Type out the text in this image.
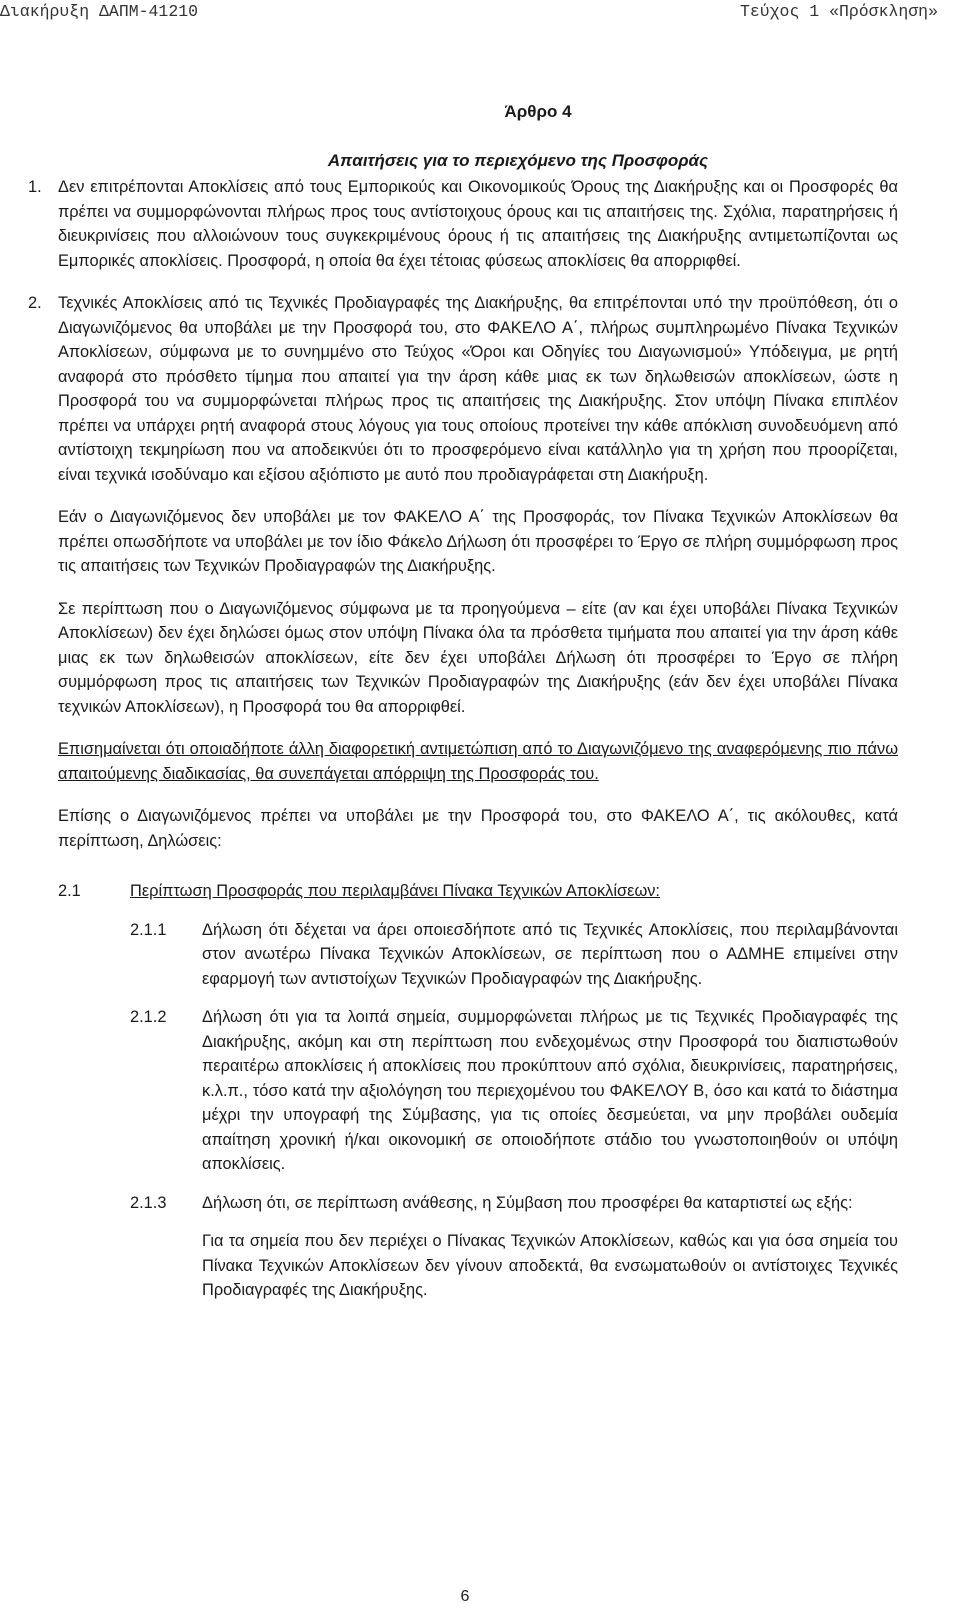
Διακήρυξη ΔΑΠΜ-41210	Τεύχος 1 «Πρόσκληση»
Άρθρο 4
Απαιτήσεις για το περιεχόμενο της Προσφοράς
1. Δεν επιτρέπονται Αποκλίσεις από τους Εμπορικούς και Οικονομικούς Όρους της Διακήρυξης και οι Προσφορές θα πρέπει να συμμορφώνονται πλήρως προς τους αντίστοιχους όρους και τις απαιτήσεις της. Σχόλια, παρατηρήσεις ή διευκρινίσεις που αλλοιώνουν τους συγκεκριμένους όρους ή τις απαιτήσεις της Διακήρυξης αντιμετωπίζονται ως Εμπορικές αποκλίσεις. Προσφορά, η οποία θα έχει τέτοιας φύσεως αποκλίσεις θα απορριφθεί.

2. Τεχνικές Αποκλίσεις από τις Τεχνικές Προδιαγραφές της Διακήρυξης, θα επιτρέπονται υπό την προϋπόθεση, ότι ο Διαγωνιζόμενος θα υποβάλει με την Προσφορά του, στο ΦΑΚΕΛΟ Α΄, πλήρως συμπληρωμένο Πίνακα Τεχνικών Αποκλίσεων, σύμφωνα με το συνημμένο στο Τεύχος «Όροι και Οδηγίες του Διαγωνισμού» Υπόδειγμα, με ρητή αναφορά στο πρόσθετο τίμημα που απαιτεί για την άρση κάθε μιας εκ των δηλωθεισών αποκλίσεων, ώστε η Προσφορά του να συμμορφώνεται πλήρως προς τις απαιτήσεις της Διακήρυξης. Στον υπόψη Πίνακα επιπλέον πρέπει να υπάρχει ρητή αναφορά στους λόγους για τους οποίους προτείνει την κάθε απόκλιση συνοδευόμενη από αντίστοιχη τεκμηρίωση που να αποδεικνύει ότι το προσφερόμενο είναι κατάλληλο για τη χρήση που προορίζεται, είναι τεχνικά ισοδύναμο και εξίσου αξιόπιστο με αυτό που προδιαγράφεται στη Διακήρυξη.

Εάν ο Διαγωνιζόμενος δεν υποβάλει με τον ΦΑΚΕΛΟ Α΄ της Προσφοράς, τον Πίνακα Τεχνικών Αποκλίσεων θα πρέπει οπωσδήποτε να υποβάλει με τον ίδιο Φάκελο Δήλωση ότι προσφέρει το Έργο σε πλήρη συμμόρφωση προς τις απαιτήσεις των Τεχνικών Προδιαγραφών της Διακήρυξης.

Σε περίπτωση που ο Διαγωνιζόμενος σύμφωνα με τα προηγούμενα – είτε (αν και έχει υποβάλει Πίνακα Τεχνικών Αποκλίσεων) δεν έχει δηλώσει όμως στον υπόψη Πίνακα όλα τα πρόσθετα τιμήματα που απαιτεί για την άρση κάθε μιας εκ των δηλωθεισών αποκλίσεων, είτε δεν έχει υποβάλει Δήλωση ότι προσφέρει το Έργο σε πλήρη συμμόρφωση προς τις απαιτήσεις των Τεχνικών Προδιαγραφών της Διακήρυξης (εάν δεν έχει υποβάλει Πίνακα τεχνικών Αποκλίσεων), η Προσφορά του θα απορριφθεί.

Επισημαίνεται ότι οποιαδήποτε άλλη διαφορετική αντιμετώπιση από το Διαγωνιζόμενο της αναφερόμενης πιο πάνω απαιτούμενης διαδικασίας, θα συνεπάγεται απόρριψη της Προσφοράς του.

Επίσης ο Διαγωνιζόμενος πρέπει να υποβάλει με την Προσφορά του, στο ΦΑΚΕΛΟ Α΄, τις ακόλουθες, κατά περίπτωση, Δηλώσεις:

2.1	Περίπτωση Προσφοράς που περιλαμβάνει Πίνακα Τεχνικών Αποκλίσεων:
2.1.1	Δήλωση ότι δέχεται να άρει οποιεσδήποτε από τις Τεχνικές Αποκλίσεις, που περιλαμβάνονται στον ανωτέρω Πίνακα Τεχνικών Αποκλίσεων, σε περίπτωση που ο ΑΔΜΗΕ επιμείνει στην εφαρμογή των αντιστοίχων Τεχνικών Προδιαγραφών της Διακήρυξης.
2.1.2	Δήλωση ότι για τα λοιπά σημεία, συμμορφώνεται πλήρως με τις Τεχνικές Προδιαγραφές της Διακήρυξης, ακόμη και στη περίπτωση που ενδεχομένως στην Προσφορά του διαπιστωθούν περαιτέρω αποκλίσεις ή αποκλίσεις που προκύπτουν από σχόλια, διευκρινίσεις, παρατηρήσεις, κ.λ.π., τόσο κατά την αξιολόγηση του περιεχομένου του ΦΑΚΕΛΟΥ Β, όσο και κατά το διάστημα μέχρι την υπογραφή της Σύμβασης, για τις οποίες δεσμεύεται, να μην προβάλει ουδεμία απαίτηση χρονική ή/και οικονομική σε οποιοδήποτε στάδιο του γνωστοποιηθούν οι υπόψη αποκλίσεις.
2.1.3	Δήλωση ότι, σε περίπτωση ανάθεσης, η Σύμβαση που προσφέρει θα καταρτιστεί ως εξής:

Για τα σημεία που δεν περιέχει ο Πίνακας Τεχνικών Αποκλίσεων, καθώς και για όσα σημεία του Πίνακα Τεχνικών Αποκλίσεων δεν γίνουν αποδεκτά, θα ενσωματωθούν οι αντίστοιχες Τεχνικές Προδιαγραφές της Διακήρυξης.

6
